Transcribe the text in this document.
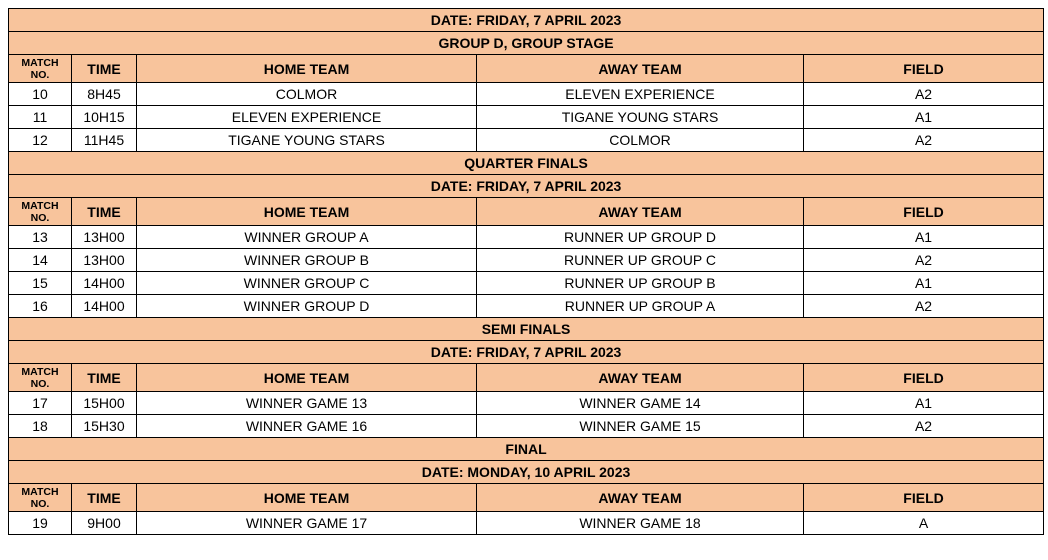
DATE: FRIDAY, 7 APRIL 2023				
GROUP D, GROUP STAGE				

MATCH
NO.	TIME	HOME TEAM	AWAY TEAM	FIELD
10	8H45	COLMOR	ELEVEN EXPERIENCE	A2
11	10H15	ELEVEN EXPERIENCE	TIGANE YOUNG STARS	A1
12	11H45	TIGANE YOUNG STARS	COLMOR	A2
QUARTER FINALS				
DATE: FRIDAY, 7 APRIL 2023				

MATCH
NO.	TIME	HOME TEAM	AWAY TEAM	FIELD
13	13H00	WINNER GROUP A	RUNNER UP GROUP D	A1
14	13H00	WINNER GROUP B	RUNNER UP GROUP C	A2
15	14H00	WINNER GROUP C	RUNNER UP GROUP B	A1
16	14H00	WINNER GROUP D	RUNNER UP GROUP A	A2
SEMI FINALS				
DATE: FRIDAY, 7 APRIL 2023				

MATCH
NO.	TIME	HOME TEAM	AWAY TEAM	FIELD
17	15H00	WINNER GAME 13	WINNER GAME 14	A1
18	15H30	WINNER GAME 16	WINNER GAME 15	A2
FINAL				
DATE: MONDAY, 10 APRIL 2023				

MATCH
NO.	TIME	HOME TEAM	AWAY TEAM	FIELD
19	9H00	WINNER GAME 17	WINNER GAME 18	A
